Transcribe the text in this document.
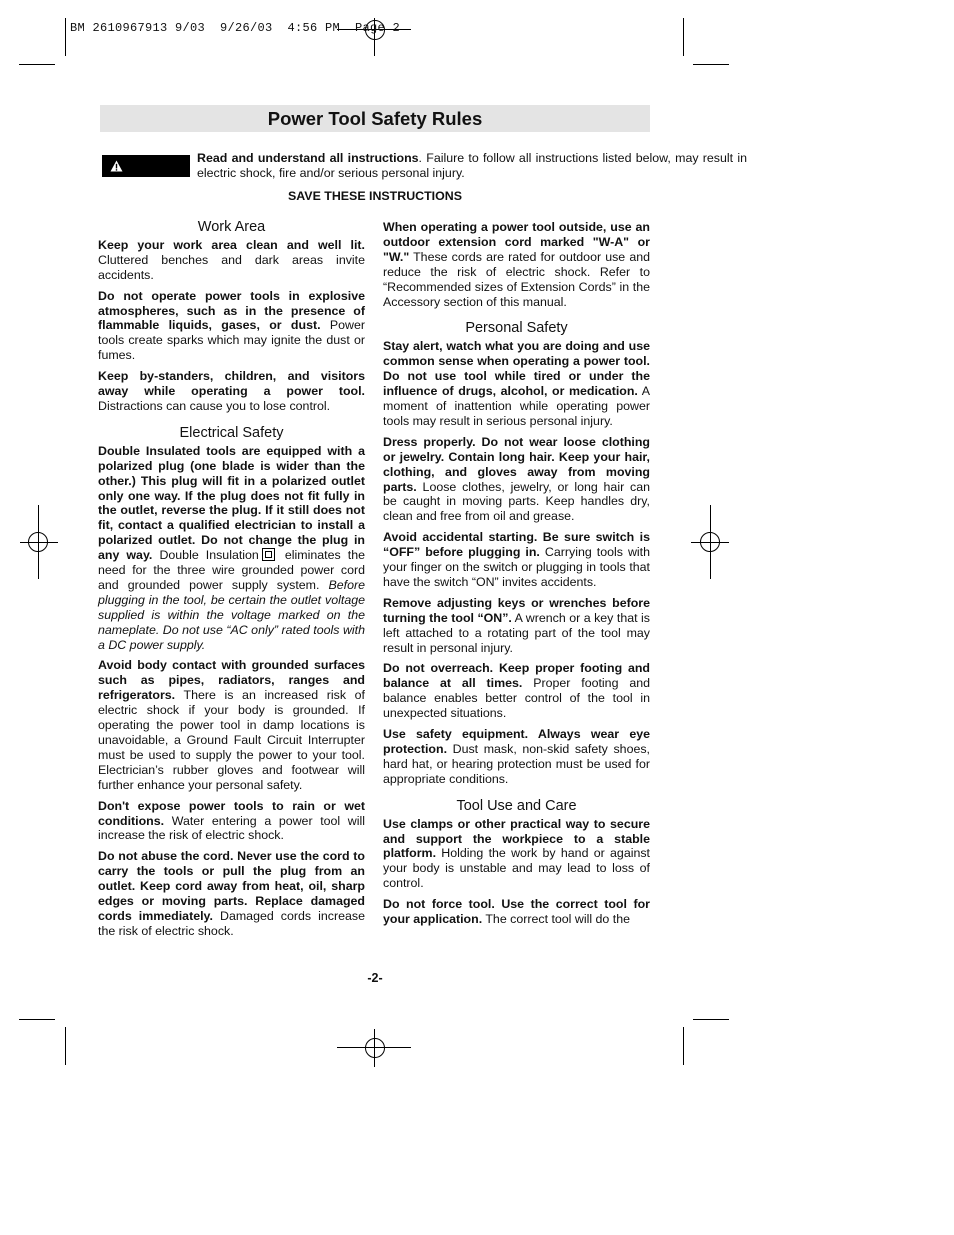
BM 2610967913 9/03  9/26/03  4:56 PM  Page 2
Power Tool Safety Rules
WARNING
Read and understand all instructions. Failure to follow all instructions listed below, may result in electric shock, fire and/or serious personal injury.
SAVE THESE INSTRUCTIONS
Work Area

Keep your work area clean and well lit. Cluttered benches and dark areas invite accidents.

Do not operate power tools in explosive atmospheres, such as in the presence of flammable liquids, gases, or dust. Power tools create sparks which may ignite the dust or fumes.

Keep by-standers, children, and visitors away while operating a power tool. Distractions can cause you to lose control.

Electrical Safety

Double Insulated tools are equipped with a polarized plug (one blade is wider than the other.) This plug will fit in a polarized outlet only one way. If the plug does not fit fully in the outlet, reverse the plug. If it still does not fit, contact a qualified electrician to install a polarized outlet. Do not change the plug in any way. Double Insulation
eliminates the need for the three wire grounded power cord and grounded power supply system. Before plugging in the tool, be certain the outlet voltage supplied is within the voltage marked on the nameplate. Do not use “AC only” rated tools with a DC power supply.

Avoid body contact with grounded surfaces such as pipes, radiators, ranges and refrigerators. There is an increased risk of electric shock if your body is grounded. If operating the power tool in damp locations is unavoidable, a Ground Fault Circuit Interrupter must be used to supply the power to your tool. Electrician’s rubber gloves and footwear will further enhance your personal safety.

Don't expose power tools to rain or wet conditions. Water entering a power tool will increase the risk of electric shock.

Do not abuse the cord. Never use the cord to carry the tools or pull the plug from an outlet. Keep cord away from heat, oil, sharp edges or moving parts. Replace damaged cords immediately. Damaged cords increase the risk of electric shock.

When operating a power tool outside, use an outdoor extension cord marked "W-A" or "W." These cords are rated for outdoor use and reduce the risk of electric shock. Refer to “Recommended sizes of Extension Cords” in the Accessory section of this manual.

Personal Safety

Stay alert, watch what you are doing and use common sense when operating a power tool. Do not use tool while tired or under the influence of drugs, alcohol, or medication. A moment of inattention while operating power tools may result in serious personal injury.

Dress properly. Do not wear loose clothing or jewelry. Contain long hair. Keep your hair, clothing, and gloves away from moving parts. Loose clothes, jewelry, or long hair can be caught in moving parts. Keep handles dry, clean and free from oil and grease.

Avoid accidental starting. Be sure switch is “OFF” before plugging in. Carrying tools with your finger on the switch or plugging in tools that have the switch “ON” invites accidents.

Remove adjusting keys or wrenches before turning the tool “ON”. A wrench or a key that is left attached to a rotating part of the tool may result in personal injury.

Do not overreach. Keep proper footing and balance at all times. Proper footing and balance enables better control of the tool in unexpected situations.

Use safety equipment. Always wear eye protection. Dust mask, non-skid safety shoes, hard hat, or hearing protection must be used for appropriate conditions.

Tool Use and Care

Use clamps or other practical way to secure and support the workpiece to a stable platform. Holding the work by hand or against your body is unstable and may lead to loss of control.

Do not force tool. Use the correct tool for your application. The correct tool will do the

-2-
